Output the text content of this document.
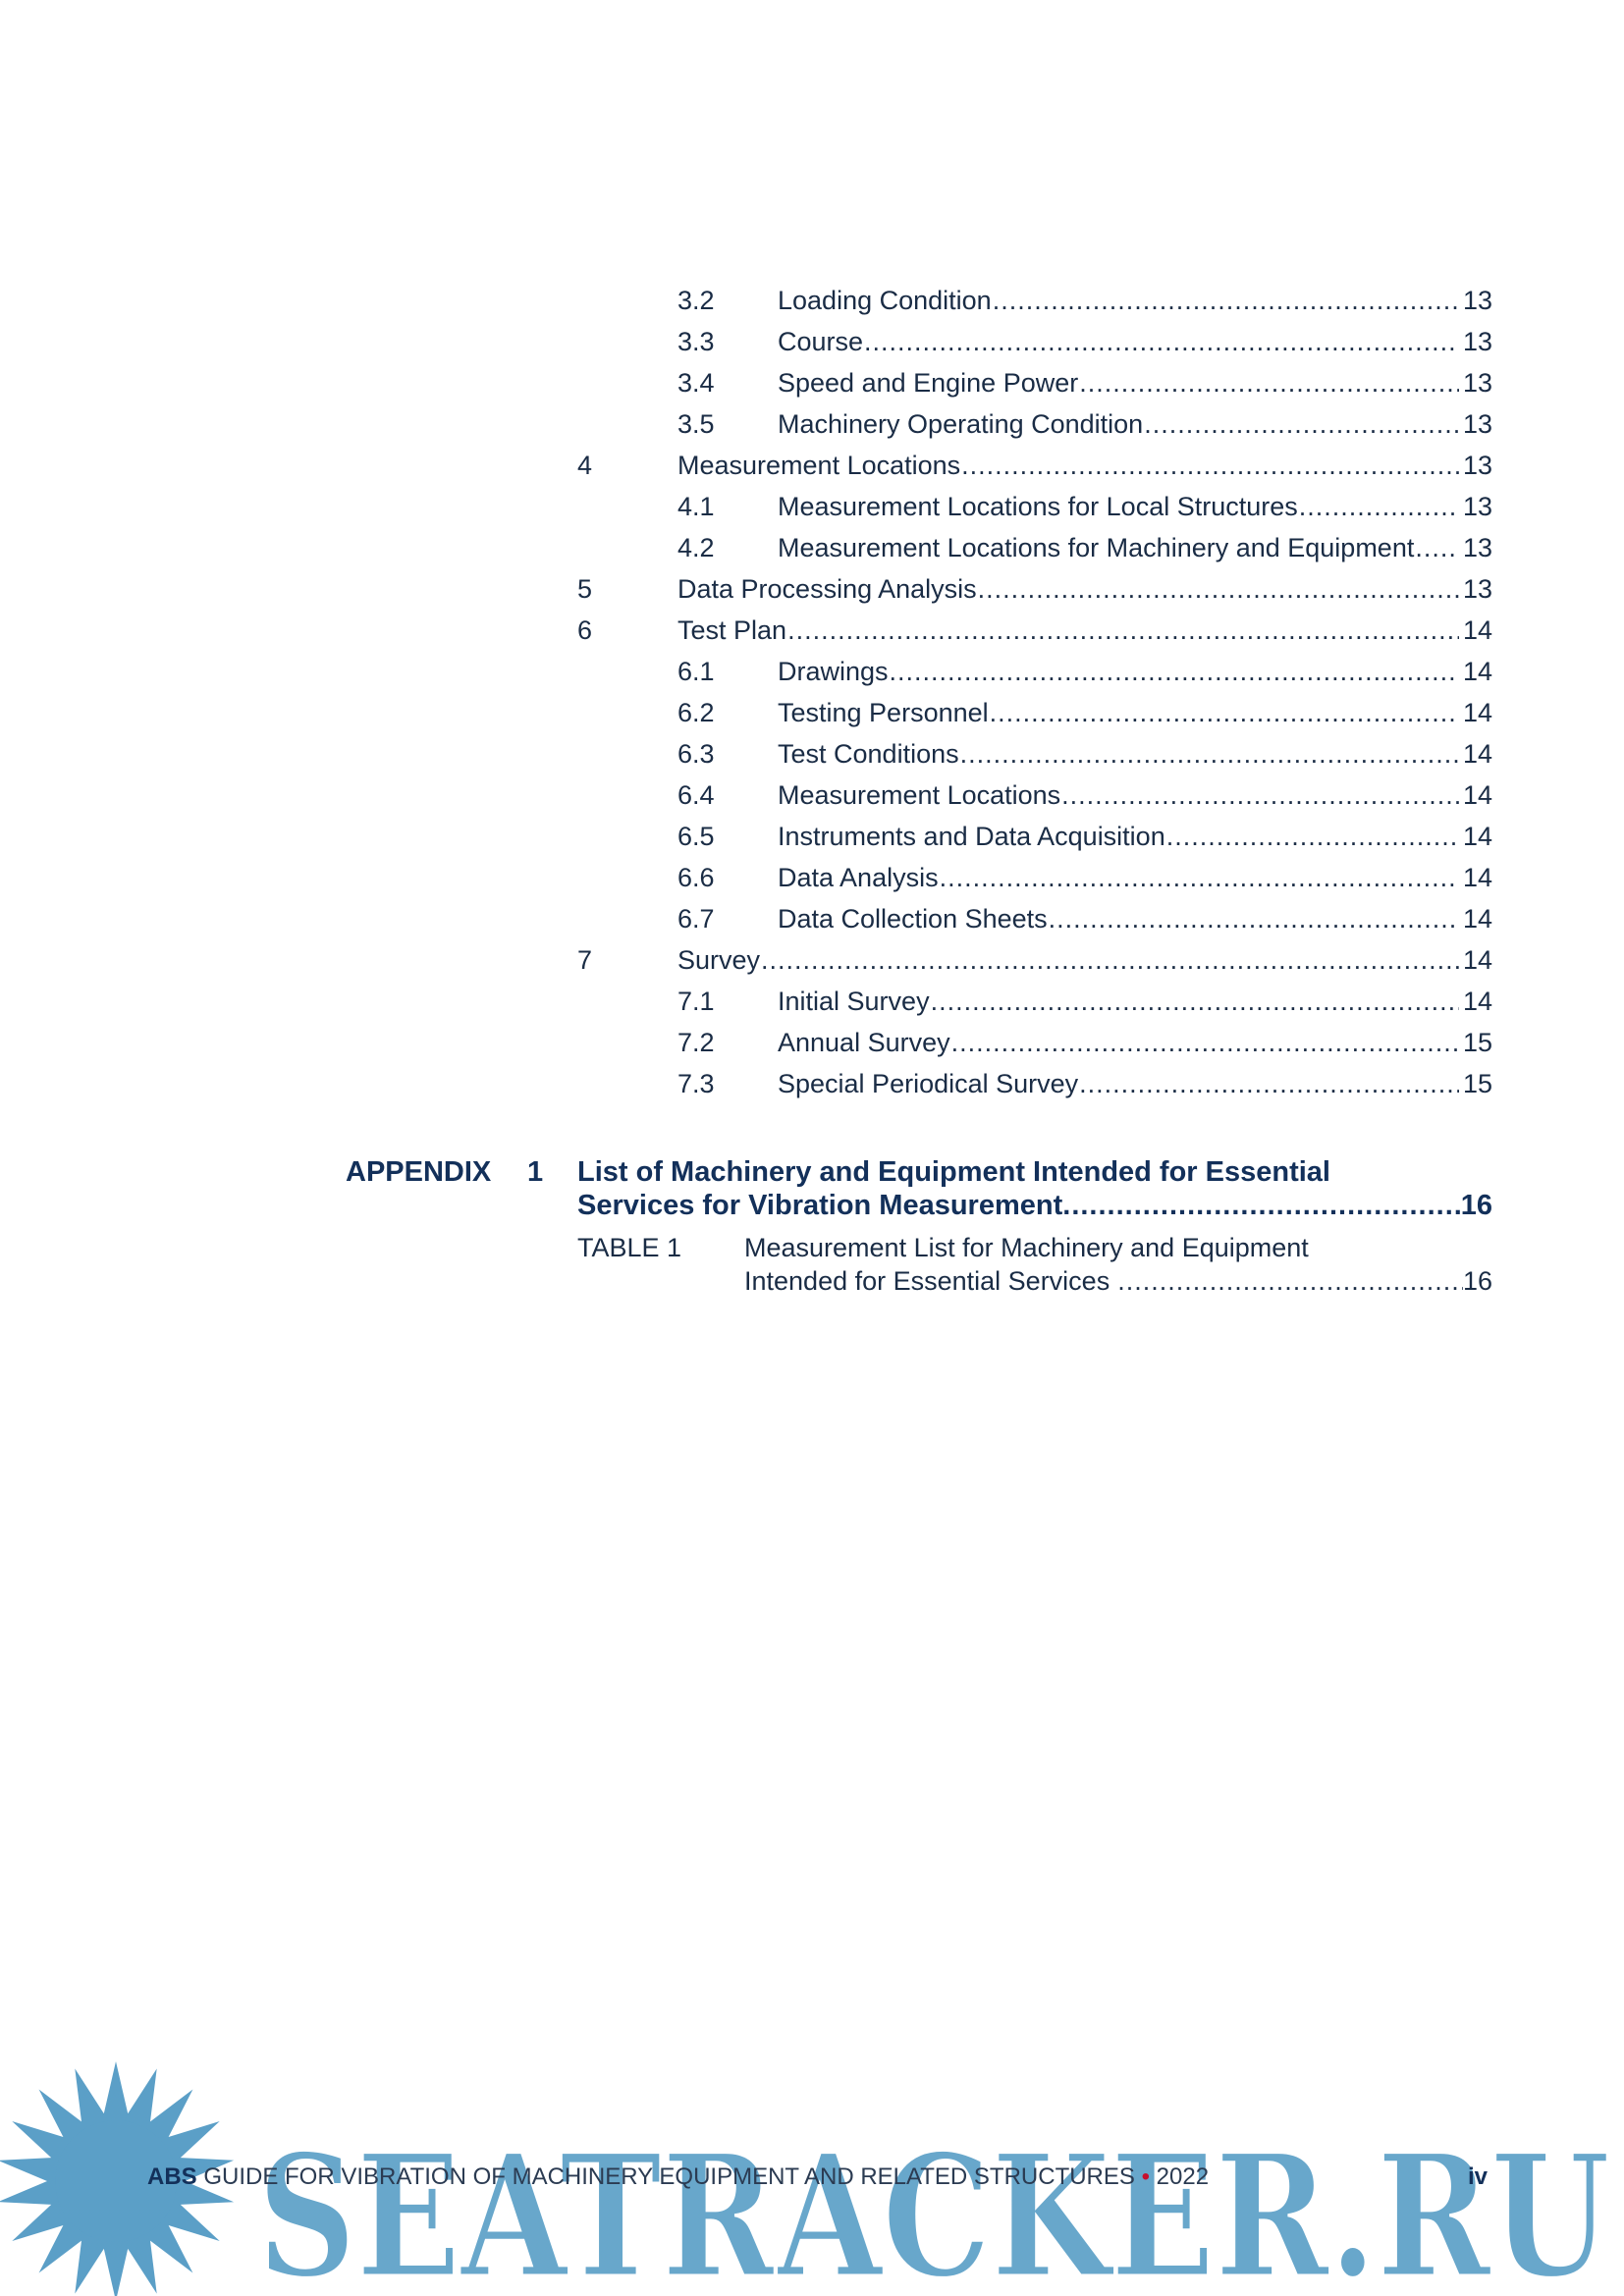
3.2 Loading Condition .....	13
3.3 Course .....	13
3.4 Speed and Engine Power .....	13
3.5 Machinery Operating Condition .....	13
4	Measurement Locations .....	13
4.1 Measurement Locations for Local Structures .....	13
4.2 Measurement Locations for Machinery and Equipment ..... 13
5	Data Processing Analysis .....	13
6	Test Plan .....	14
6.1 Drawings .....	14
6.2 Testing Personnel .....	14
6.3 Test Conditions .....	14
6.4 Measurement Locations .....	14
6.5 Instruments and Data Acquisition .....	14
6.6 Data Analysis .....	14
6.7 Data Collection Sheets .....	14
7	Survey .....	14
7.1 Initial Survey .....	14
7.2 Annual Survey .....	15
7.3 Special Periodical Survey .....	15
APPENDIX 1 List of Machinery and Equipment Intended for Essential
Services for Vibration Measurement .....	16
TABLE 1 Measurement List for Machinery and Equipment
Intended for Essential Services .....	16
SEATRACKER.RU
ABS GUIDE FOR VIBRATION OF MACHINERY EQUIPMENT AND RELATED STRUCTURES • 2022	iv
